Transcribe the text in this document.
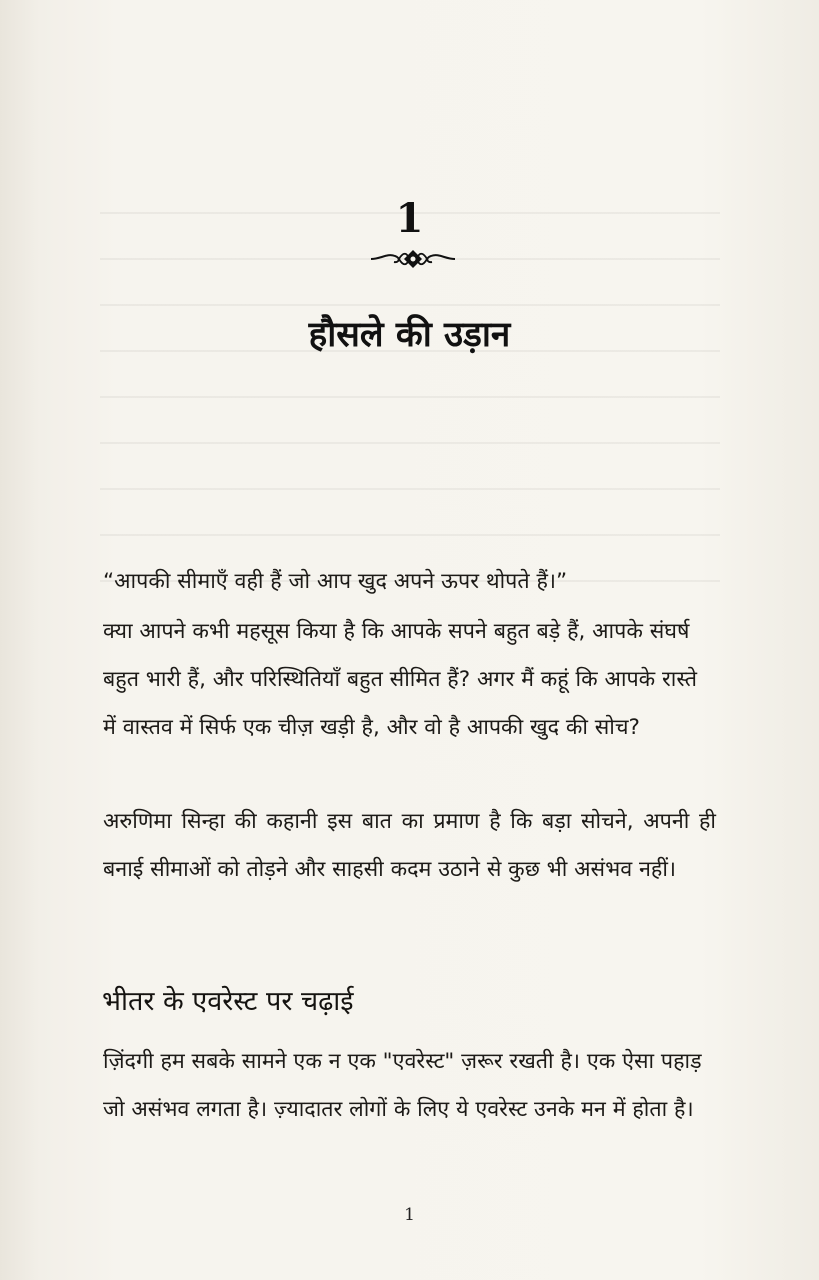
1
हौसले की उड़ान
“आपकी सीमाएँ वही हैं जो आप खुद अपने ऊपर थोपते हैं।”
क्या आपने कभी महसूस किया है कि आपके सपने बहुत बड़े हैं, आपके संघर्ष बहुत भारी हैं, और परिस्थितियाँ बहुत सीमित हैं? अगर मैं कहूं कि आपके रास्ते में वास्तव में सिर्फ एक चीज़ खड़ी है, और वो है आपकी खुद की सोच?
अरुणिमा सिन्हा की कहानी इस बात का प्रमाण है कि बड़ा सोचने, अपनी ही बनाई सीमाओं को तोड़ने और साहसी कदम उठाने से कुछ भी असंभव नहीं।
भीतर के एवरेस्ट पर चढ़ाई
ज़िंदगी हम सबके सामने एक न एक "एवरेस्ट" ज़रूर रखती है। एक ऐसा पहाड़ जो असंभव लगता है। ज़्यादातर लोगों के लिए ये एवरेस्ट उनके मन में होता है।
1
